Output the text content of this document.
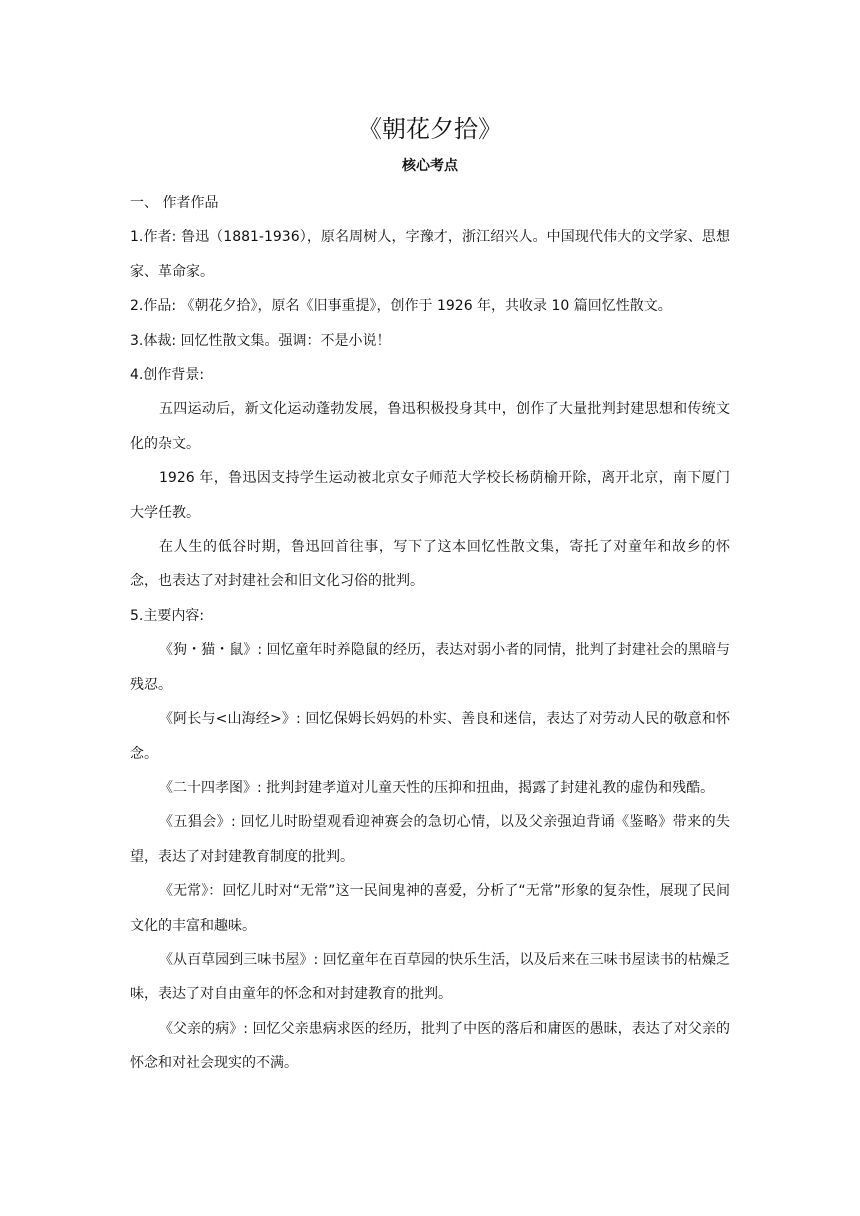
《朝花夕拾》
核心考点

一、 作者作品

1.作者: 鲁迅（1881-1936），原名周树人，字豫才，浙江绍兴人。中国现代伟大的文学家、思想家、革命家。

2.作品: 《朝花夕拾》，原名《旧事重提》，创作于 1926 年，共收录 10 篇回忆性散文。

3.体裁: 回忆性散文集。强调：不是小说！

4.创作背景:

五四运动后，新文化运动蓬勃发展，鲁迅积极投身其中，创作了大量批判封建思想和传统文化的杂文。

1926 年，鲁迅因支持学生运动被北京女子师范大学校长杨荫榆开除，离开北京，南下厦门大学任教。

在人生的低谷时期，鲁迅回首往事，写下了这本回忆性散文集，寄托了对童年和故乡的怀念，也表达了对封建社会和旧文化习俗的批判。

5.主要内容:

《狗・猫・鼠》: 回忆童年时养隐鼠的经历，表达对弱小者的同情，批判了封建社会的黑暗与残忍。

《阿长与<山海经>》: 回忆保姆长妈妈的朴实、善良和迷信，表达了对劳动人民的敬意和怀念。

《二十四孝图》: 批判封建孝道对儿童天性的压抑和扭曲，揭露了封建礼教的虚伪和残酷。

《五猖会》: 回忆儿时盼望观看迎神赛会的急切心情，以及父亲强迫背诵《鉴略》带来的失望，表达了对封建教育制度的批判。

《无常》：回忆儿时对“无常”这一民间鬼神的喜爱，分析了“无常”形象的复杂性，展现了民间文化的丰富和趣味。

《从百草园到三味书屋》: 回忆童年在百草园的快乐生活，以及后来在三味书屋读书的枯燥乏味，表达了对自由童年的怀念和对封建教育的批判。

《父亲的病》: 回忆父亲患病求医的经历，批判了中医的落后和庸医的愚昧，表达了对父亲的怀念和对社会现实的不满。
